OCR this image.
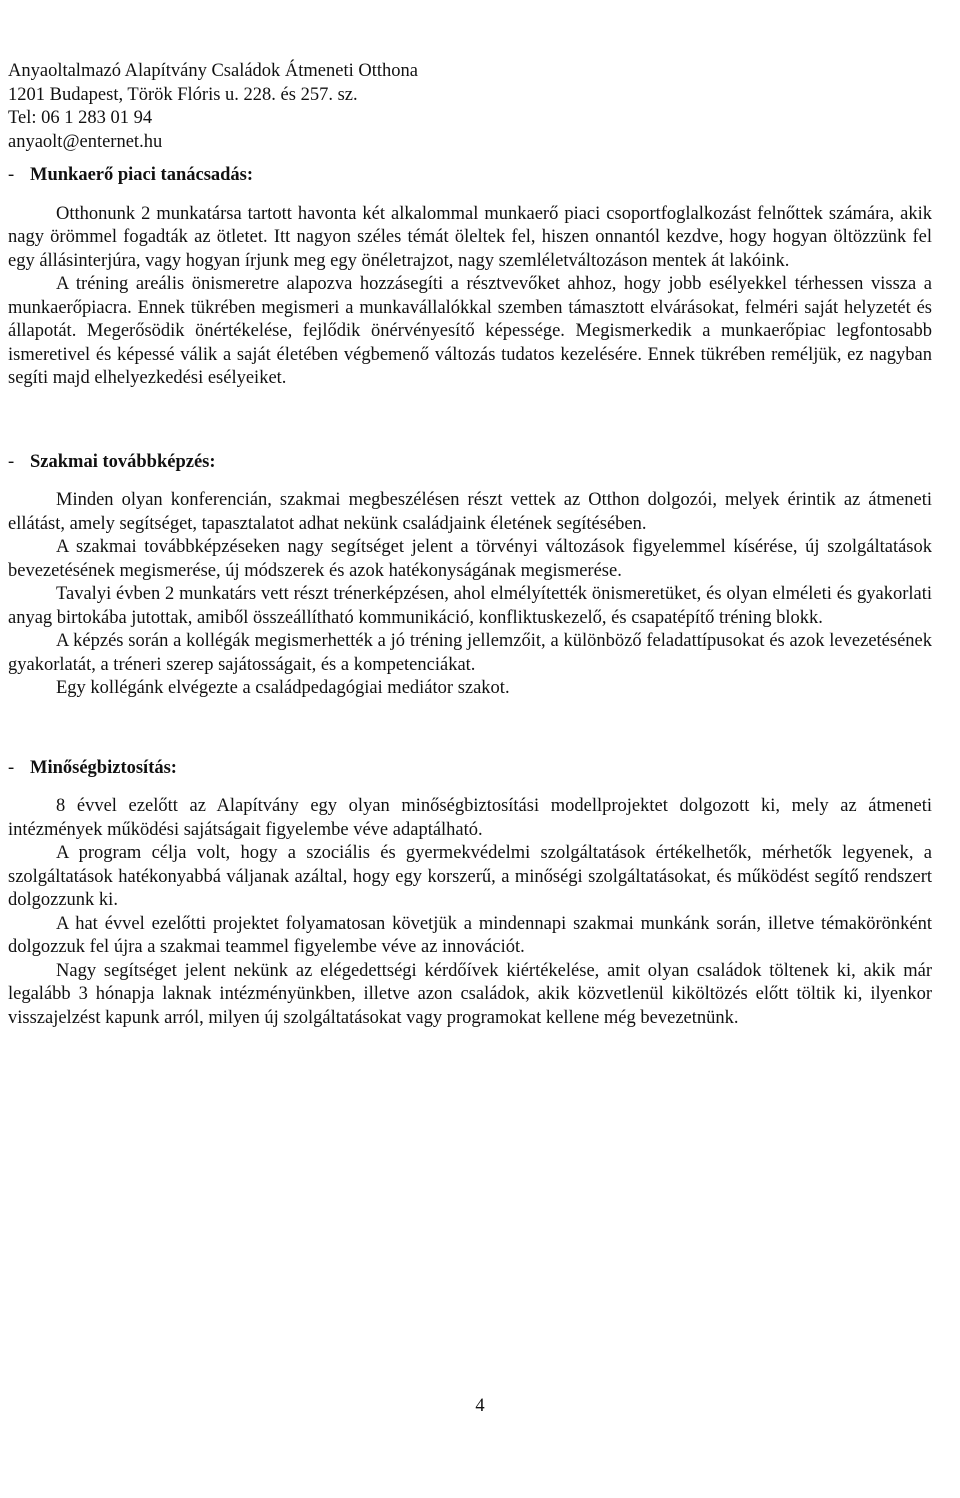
Anyaoltalmazó Alapítvány Családok Átmeneti Otthona
1201 Budapest, Török Flóris u. 228. és 257. sz.
Tel: 06 1 283 01 94
anyaolt@enternet.hu
- Munkaerő piaci tanácsadás:

Otthonunk 2 munkatársa tartott havonta két alkalommal munkaerő piaci csoportfoglalkozást felnőttek számára, akik nagy örömmel fogadták az ötletet. Itt nagyon széles témát öleltek fel, hiszen onnantól kezdve, hogy hogyan öltözzünk fel egy állásinterjúra, vagy hogyan írjunk meg egy önéletrajzot, nagy szemléletváltozáson mentek át lakóink.

A tréning areális önismeretre alapozva hozzásegíti a résztvevőket ahhoz, hogy jobb esélyekkel térhessen vissza a munkaerőpiacra. Ennek tükrében megismeri a munkavállalókkal szemben támasztott elvárásokat, felméri saját helyzetét és állapotát. Megerősödik önértékelése, fejlődik önérvényesítő képessége. Megismerkedik a munkaerőpiac legfontosabb ismeretivel és képessé válik a saját életében végbemenő változás tudatos kezelésére. Ennek tükrében reméljük, ez nagyban segíti majd elhelyezkedési esélyeiket.

- Szakmai továbbképzés:

Minden olyan konferencián, szakmai megbeszélésen részt vettek az Otthon dolgozói, melyek érintik az átmeneti ellátást, amely segítséget, tapasztalatot adhat nekünk családjaink életének segítésében.

A szakmai továbbképzéseken nagy segítséget jelent a törvényi változások figyelemmel kísérése, új szolgáltatások bevezetésének megismerése, új módszerek és azok hatékonyságának megismerése.

Tavalyi évben 2 munkatárs vett részt trénerképzésen, ahol elmélyítették önismeretüket, és olyan elméleti és gyakorlati anyag birtokába jutottak, amiből összeállítható kommunikáció, konfliktuskezelő, és csapatépítő tréning blokk.

A képzés során a kollégák megismerhették a jó tréning jellemzőit, a különböző feladattípusokat és azok levezetésének gyakorlatát, a tréneri szerep sajátosságait, és a kompetenciákat.

Egy kollégánk elvégezte a családpedagógiai mediátor szakot.

- Minőségbiztosítás:

8 évvel ezelőtt az Alapítvány egy olyan minőségbiztosítási modellprojektet dolgozott ki, mely az átmeneti intézmények működési sajátságait figyelembe véve adaptálható.

A program célja volt, hogy a szociális és gyermekvédelmi szolgáltatások értékelhetők, mérhetők legyenek, a szolgáltatások hatékonyabbá váljanak azáltal, hogy egy korszerű, a minőségi szolgáltatásokat, és működést segítő rendszert dolgozzunk ki.

A hat évvel ezelőtti projektet folyamatosan követjük a mindennapi szakmai munkánk során, illetve témakörönként dolgozzuk fel újra a szakmai teammel figyelembe véve az innovációt.

Nagy segítséget jelent nekünk az elégedettségi kérdőívek kiértékelése, amit olyan családok töltenek ki, akik már legalább 3 hónapja laknak intézményünkben, illetve azon családok, akik közvetlenül kiköltözés előtt töltik ki, ilyenkor visszajelzést kapunk arról, milyen új szolgáltatásokat vagy programokat kellene még bevezetnünk.

4
